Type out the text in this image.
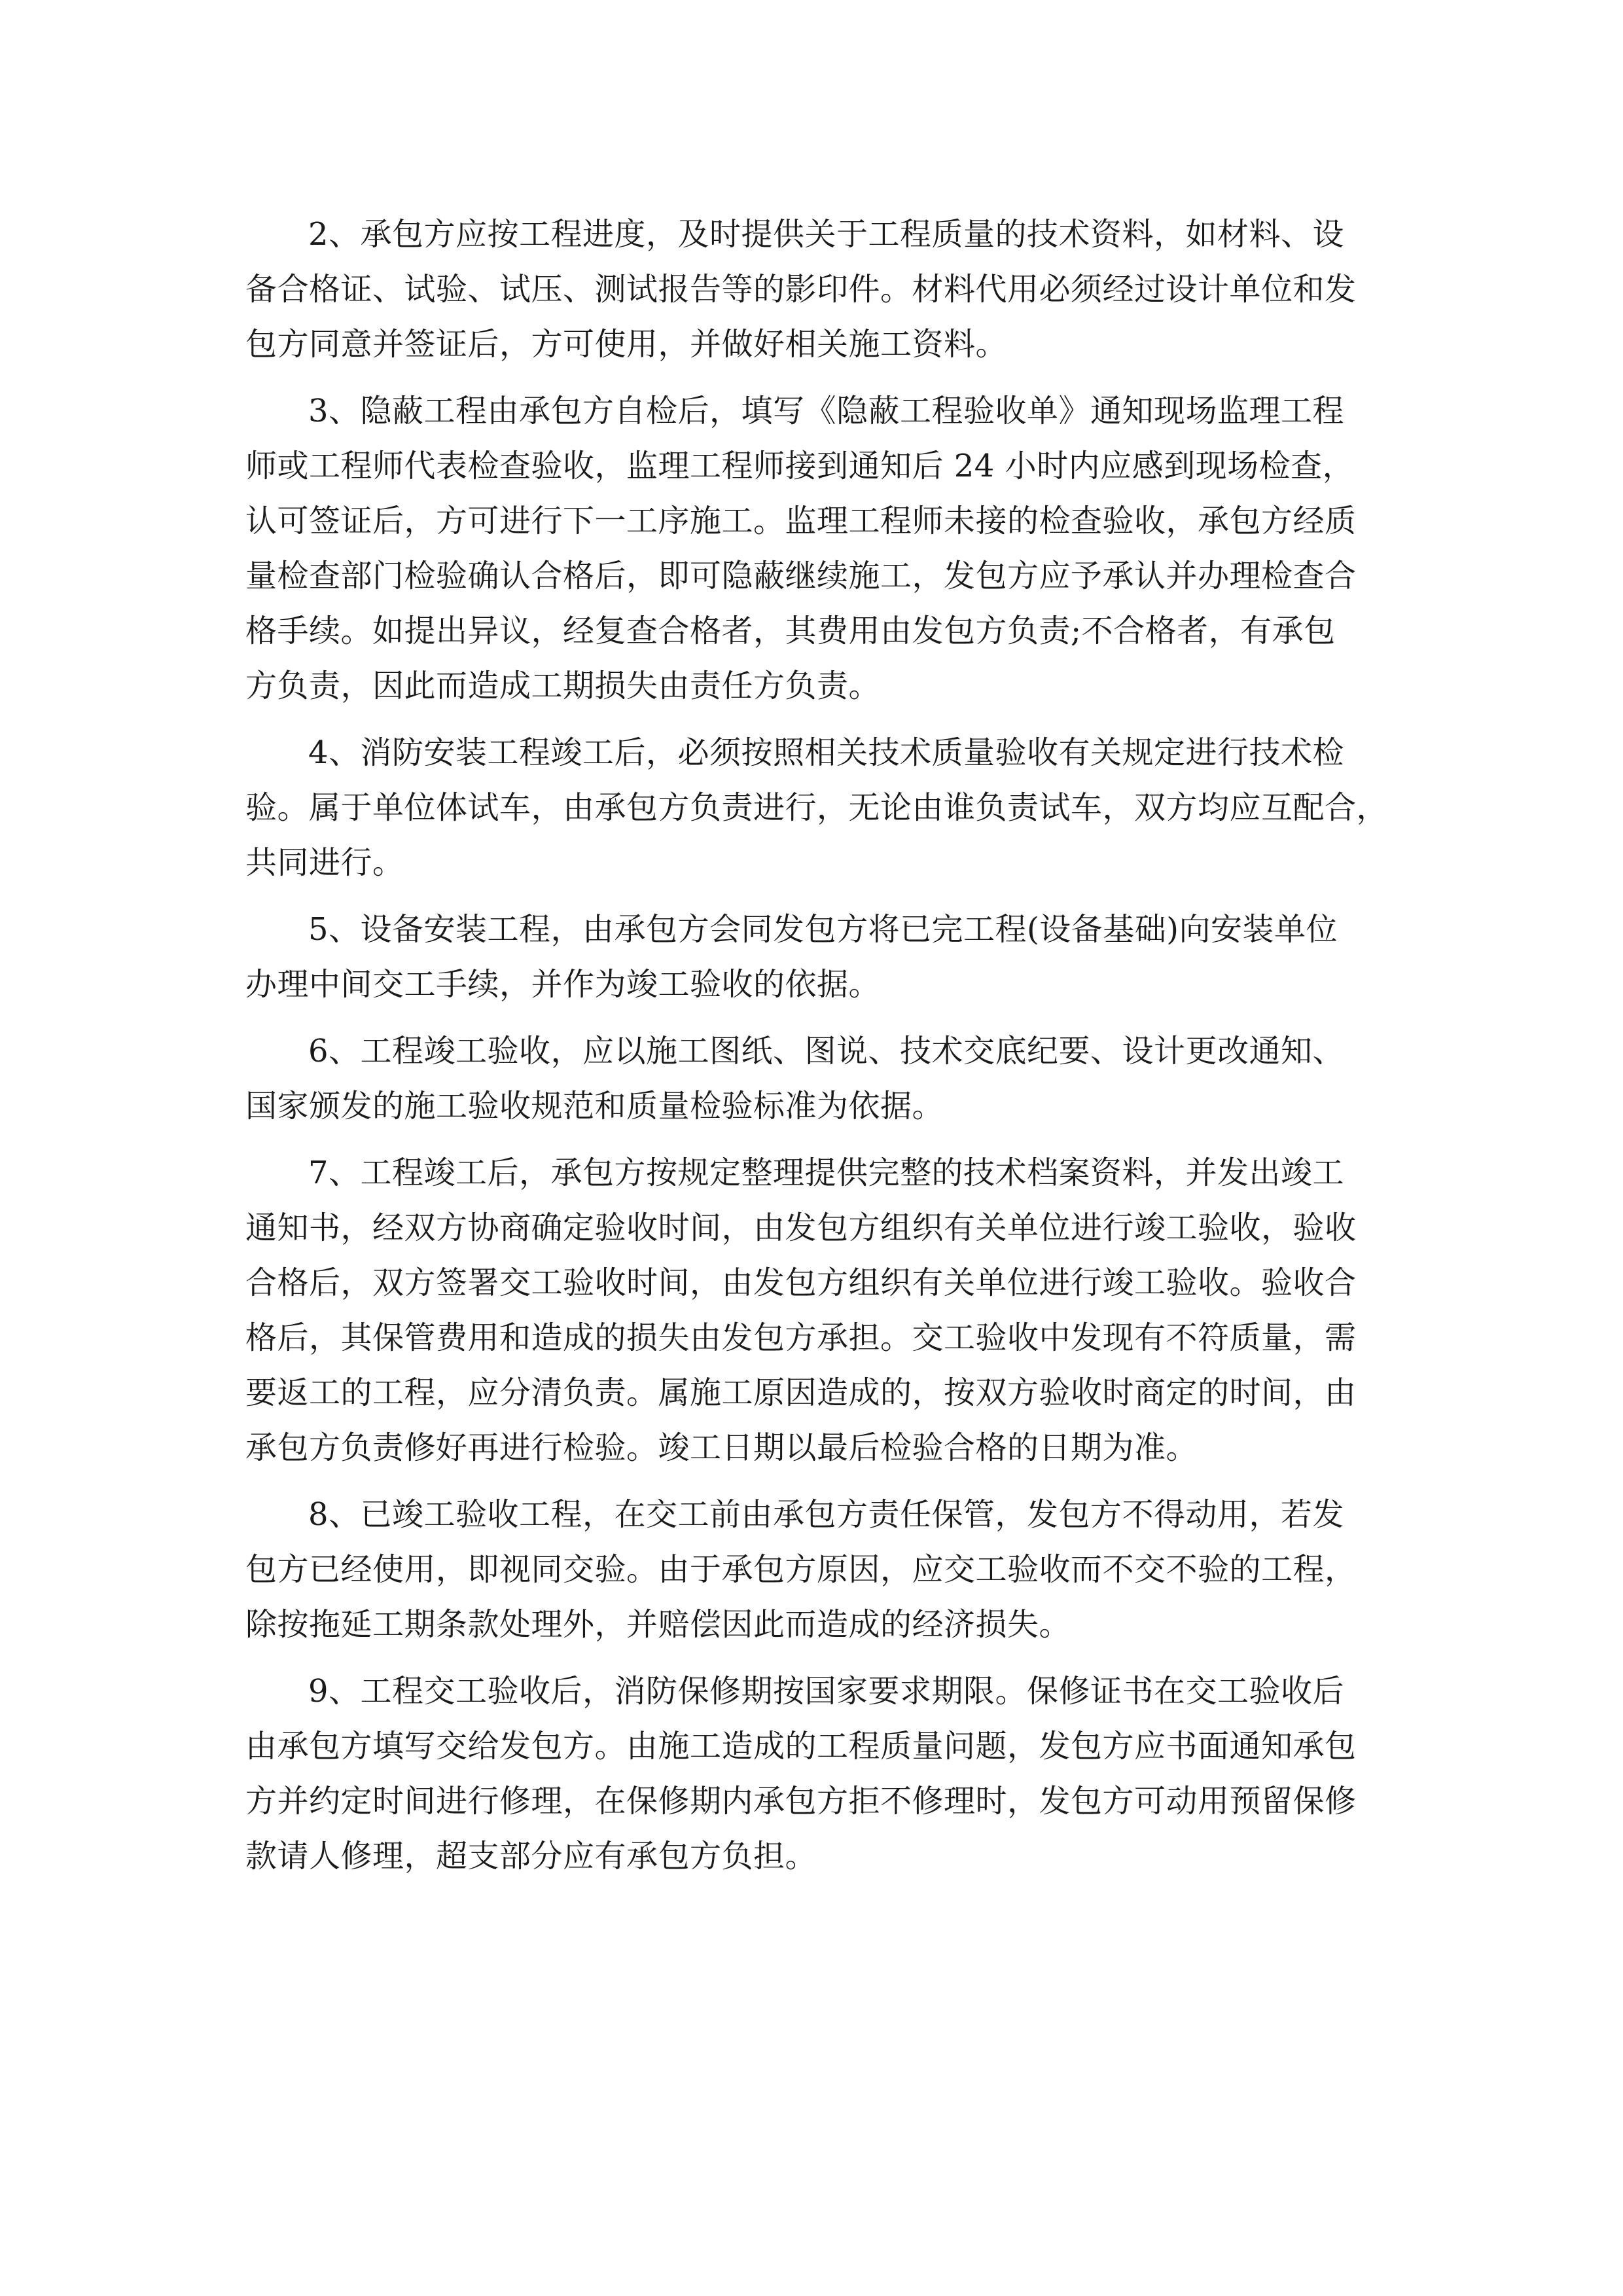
2、承包方应按工程进度，及时提供关于工程质量的技术资料，如材料、设
备合格证、试验、试压、测试报告等的影印件。材料代用必须经过设计单位和发
包方同意并签证后，方可使用，并做好相关施工资料。
3、隐蔽工程由承包方自检后，填写《隐蔽工程验收单》通知现场监理工程
师或工程师代表检查验收，监理工程师接到通知后 24 小时内应感到现场检查，
认可签证后，方可进行下一工序施工。监理工程师未接的检查验收，承包方经质
量检查部门检验确认合格后，即可隐蔽继续施工，发包方应予承认并办理检查合
格手续。如提出异议，经复查合格者，其费用由发包方负责;不合格者，有承包
方负责，因此而造成工期损失由责任方负责。
4、消防安装工程竣工后，必须按照相关技术质量验收有关规定进行技术检
验。属于单位体试车，由承包方负责进行，无论由谁负责试车，双方均应互配合，
共同进行。
5、设备安装工程，由承包方会同发包方将已完工程(设备基础)向安装单位
办理中间交工手续，并作为竣工验收的依据。
6、工程竣工验收，应以施工图纸、图说、技术交底纪要、设计更改通知、
国家颁发的施工验收规范和质量检验标准为依据。
7、工程竣工后，承包方按规定整理提供完整的技术档案资料，并发出竣工
通知书，经双方协商确定验收时间，由发包方组织有关单位进行竣工验收，验收
合格后，双方签署交工验收时间，由发包方组织有关单位进行竣工验收。验收合
格后，其保管费用和造成的损失由发包方承担。交工验收中发现有不符质量，需
要返工的工程，应分清负责。属施工原因造成的，按双方验收时商定的时间，由
承包方负责修好再进行检验。竣工日期以最后检验合格的日期为准。
8、已竣工验收工程，在交工前由承包方责任保管，发包方不得动用，若发
包方已经使用，即视同交验。由于承包方原因，应交工验收而不交不验的工程，
除按拖延工期条款处理外，并赔偿因此而造成的经济损失。
9、工程交工验收后，消防保修期按国家要求期限。保修证书在交工验收后
由承包方填写交给发包方。由施工造成的工程质量问题，发包方应书面通知承包
方并约定时间进行修理，在保修期内承包方拒不修理时，发包方可动用预留保修
款请人修理，超支部分应有承包方负担。
